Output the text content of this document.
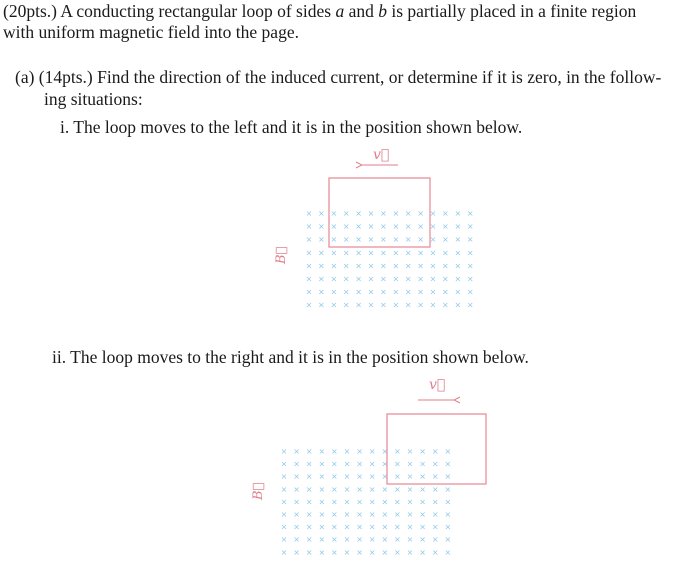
(20pts.) A conducting rectangular loop of sides a and b is partially placed in a finite region
with uniform magnetic field into the page.
(a) (14pts.) Find the direction of the induced current, or determine if it is zero, in the follow-
ing situations:
i. The loop moves to the left and it is in the position shown below.
ii. The loop moves to the right and it is in the position shown below.
× × × × × × × × × × × × × ×
× × × × × × × × × × × × × ×
× × × × × × × × × × × × × ×
× × × × × × × × × × × × × ×
× × × × × × × × × × × × × ×
× × × × × × × × × × × × × ×
× × × × × × × × × × × × × ×
× × × × × × × × × × × × × ×
v⃗
B⃗
× × × × × × × × × × × × × ×
× × × × × × × × × × × × × ×
× × × × × × × × × × × × × ×
× × × × × × × × × × × × × ×
× × × × × × × × × × × × × ×
× × × × × × × × × × × × × ×
× × × × × × × × × × × × × ×
× × × × × × × × × × × × × ×
× × × × × × × × × × × × × ×
v⃗
B⃗
